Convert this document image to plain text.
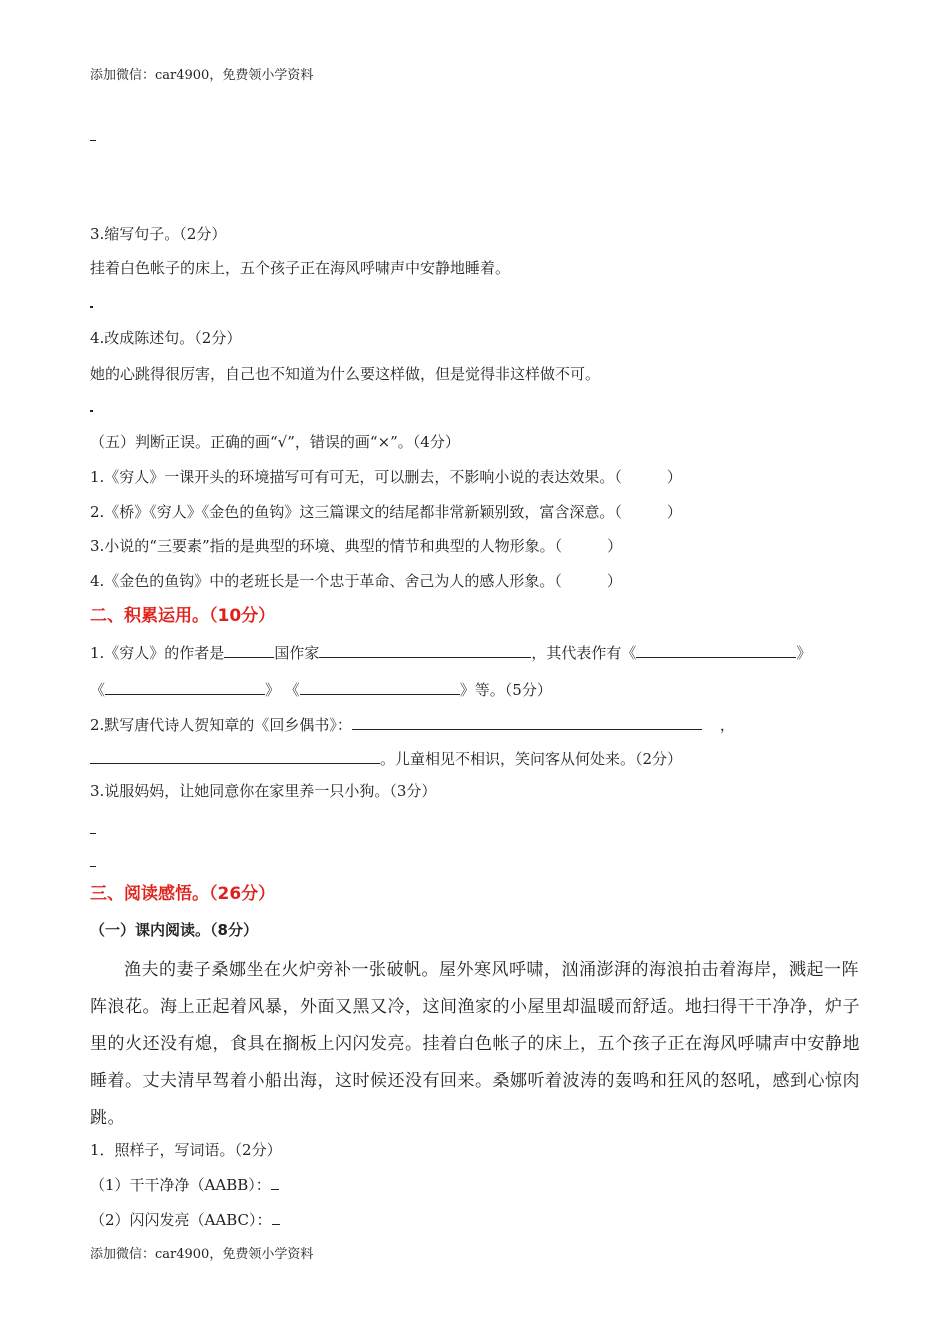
添加微信：car4900，免费领小学资料
3.缩写句子。（2分）
挂着白色帐子的床上，五个孩子正在海风呼啸声中安静地睡着。
4.改成陈述句。（2分）
她的心跳得很厉害，自己也不知道为什么要这样做，但是觉得非这样做不可。
（五）判断正误。正确的画“√”，错误的画“×”。（4分）
1.《穷人》一课开头的环境描写可有可无，可以删去，不影响小说的表达效果。（　　　）
2.《桥》《穷人》《金色的鱼钩》这三篇课文的结尾都非常新颖别致，富含深意。（　　　）
3.小说的“三要素”指的是典型的环境、典型的情节和典型的人物形象。（　　　）
4.《金色的鱼钩》中的老班长是一个忠于革命、舍己为人的感人形象。（　　　）
二、积累运用。（10分）
1.《穷人》的作者是	国作家	，其代表作有《	》
《	》 《	》等。（5分）
2.默写唐代诗人贺知章的《回乡偶书》：	，
。儿童相见不相识，笑问客从何处来。（2分）
3.说服妈妈，让她同意你在家里养一只小狗。（3分）
三、阅读感悟。（26分）
（一）课内阅读。（8分）
渔夫的妻子桑娜坐在火炉旁补一张破帆。屋外寒风呼啸，汹涌澎湃的海浪拍击着海岸，溅起一阵阵浪花。海上正起着风暴，外面又黑又冷，这间渔家的小屋里却温暖而舒适。地扫得干干净净，炉子里的火还没有熄，食具在搁板上闪闪发亮。挂着白色帐子的床上，五个孩子正在海风呼啸声中安静地睡着。丈夫清早驾着小船出海，这时候还没有回来。桑娜听着波涛的轰鸣和狂风的怒吼，感到心惊肉跳。
1．照样子，写词语。（2分）
（1）干干净净（AABB）：
（2）闪闪发亮（AABC）：
添加微信：car4900，免费领小学资料
